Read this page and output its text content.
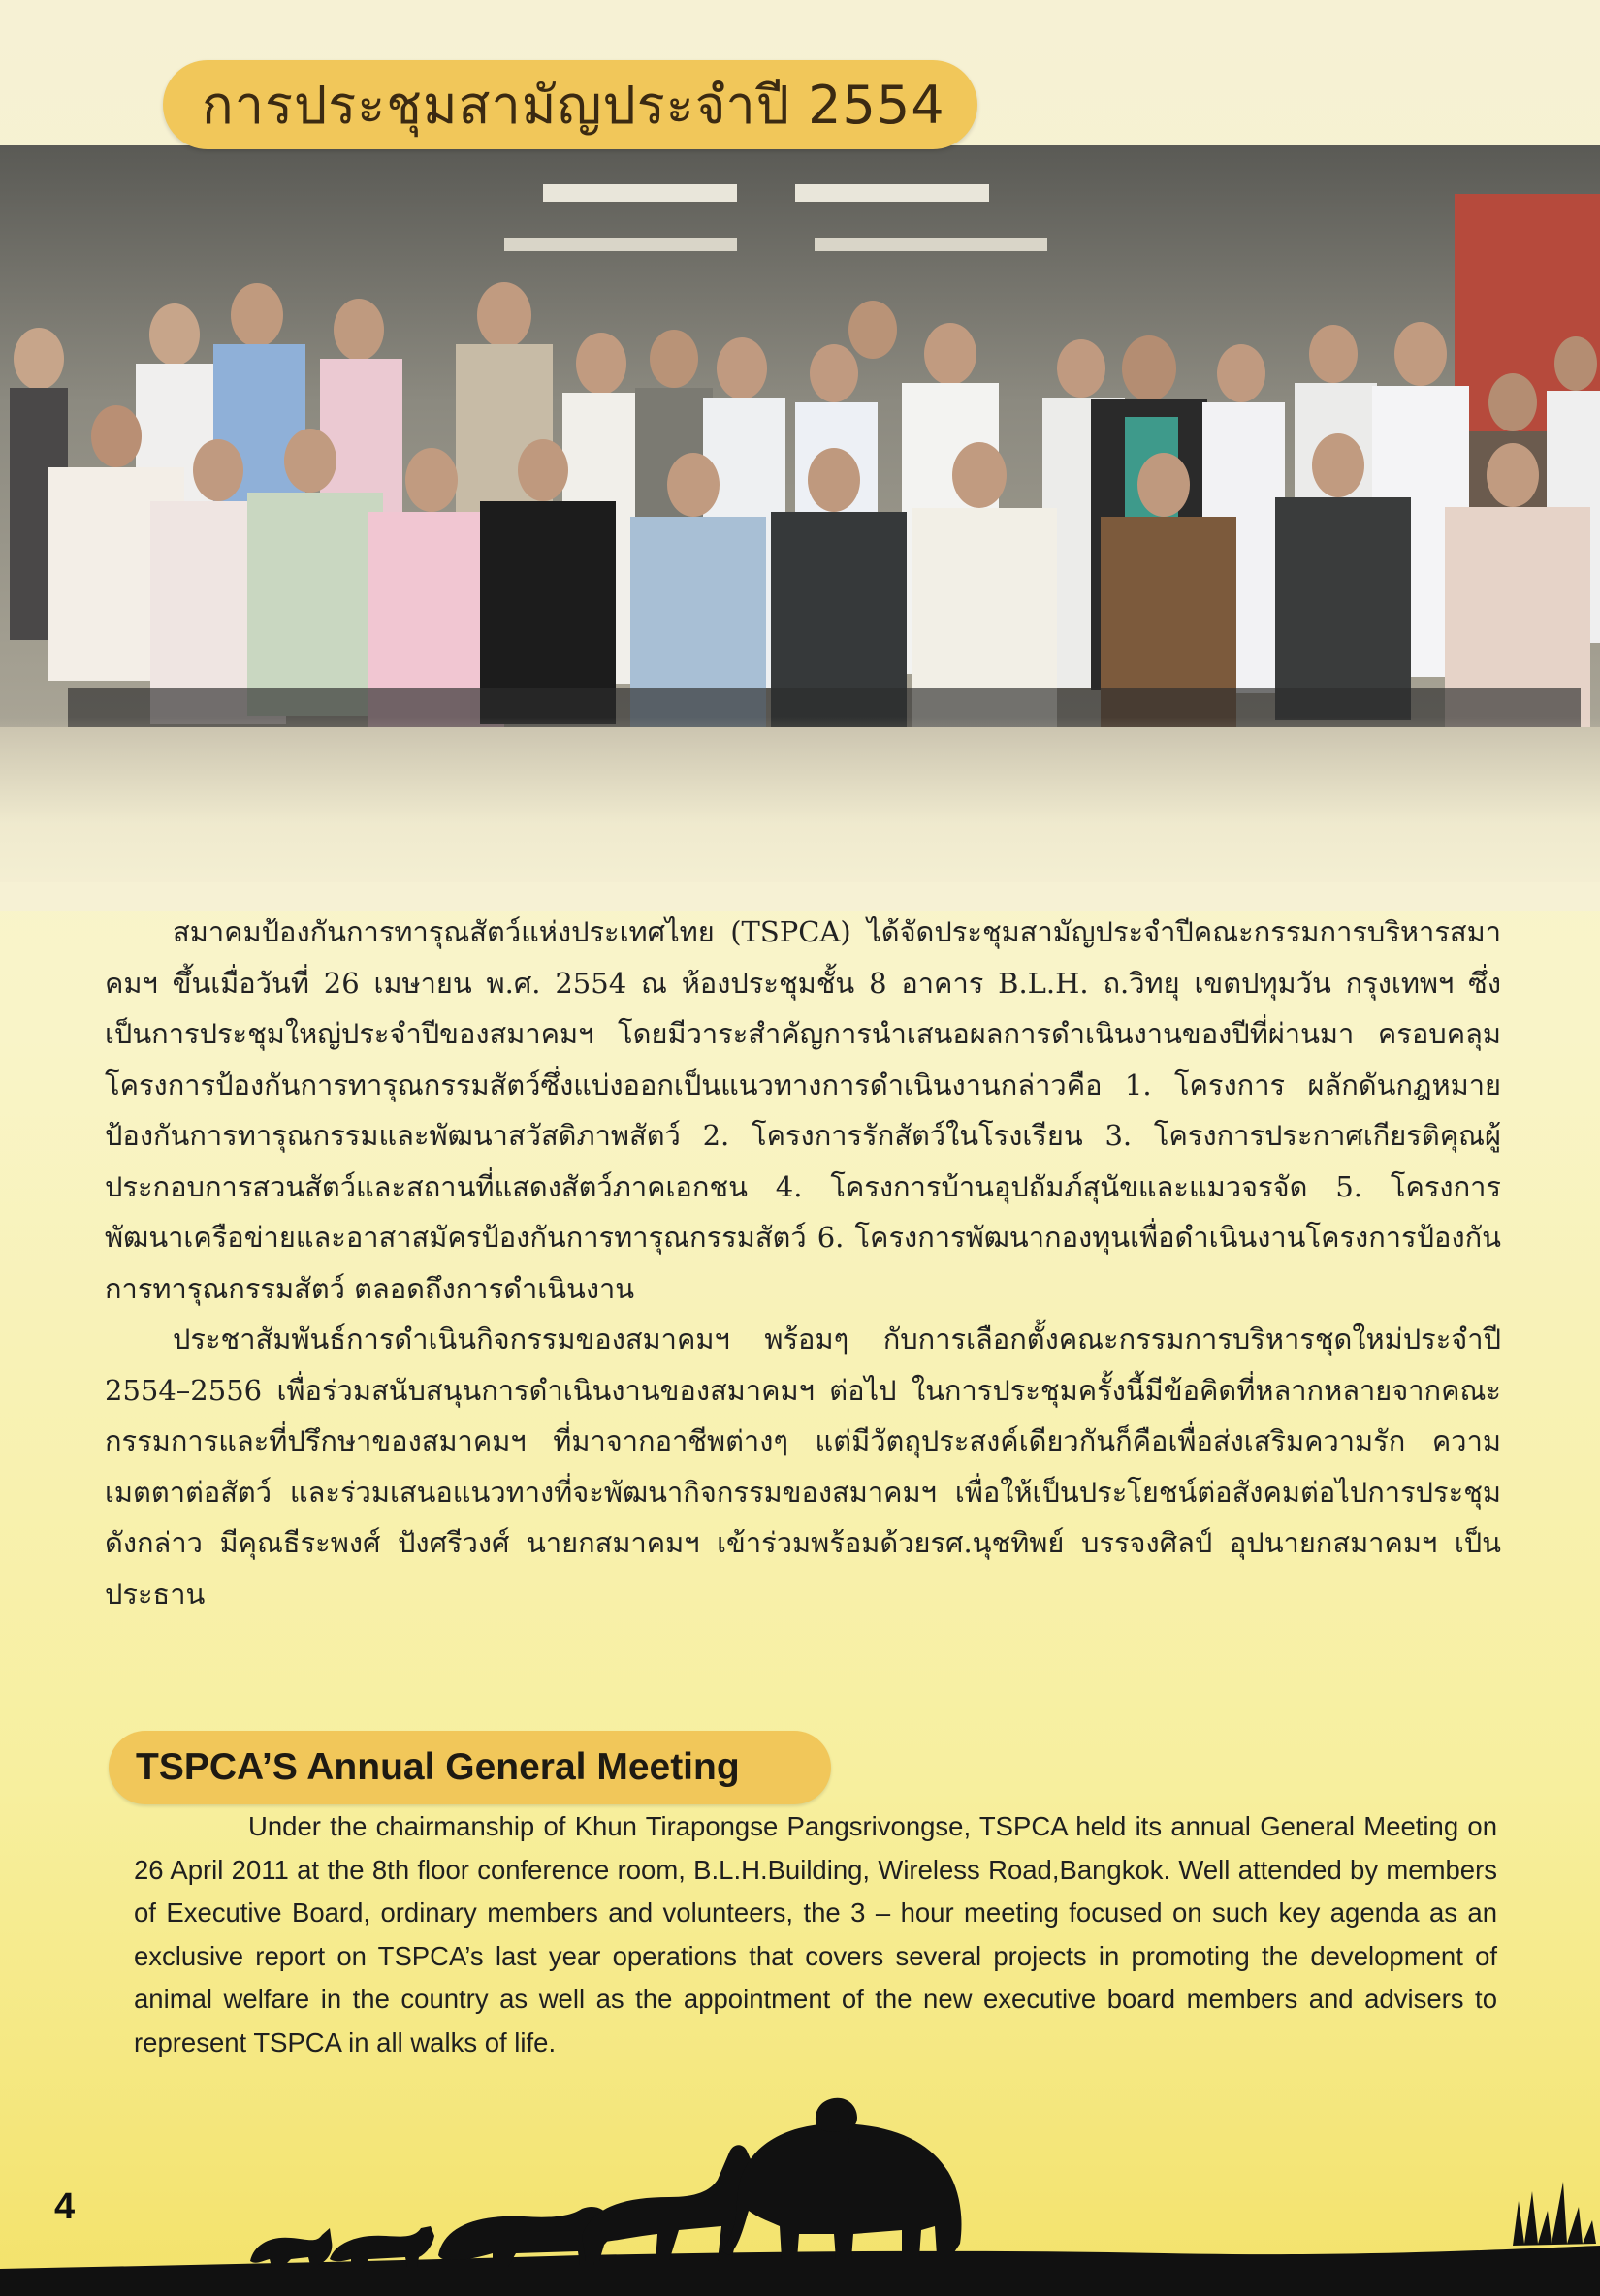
การประชุมสามัญประจำปี 2554

สมาคมป้องกันการทารุณสัตว์แห่งประเทศไทย (TSPCA) ได้จัดประชุมสามัญประจำปีคณะกรรมการบริหารสมาคมฯ ขึ้นเมื่อวันที่ 26 เมษายน พ.ศ. 2554 ณ ห้องประชุมชั้น 8 อาคาร B.L.H. ถ.วิทยุ เขตปทุมวัน กรุงเทพฯ ซึ่งเป็นการประชุมใหญ่ประจำปีของสมาคมฯ โดยมีวาระสำคัญการนำเสนอผลการดำเนินงานของปีที่ผ่านมา ครอบคลุมโครงการป้องกันการทารุณกรรมสัตว์ซึ่งแบ่งออกเป็นแนวทางการดำเนินงานกล่าวคือ 1. โครงการ ผลักดันกฎหมายป้องกันการทารุณกรรมและพัฒนาสวัสดิภาพสัตว์ 2. โครงการรักสัตว์ในโรงเรียน 3. โครงการประกาศเกียรติคุณผู้ประกอบการสวนสัตว์และสถานที่แสดงสัตว์ภาคเอกชน 4. โครงการบ้านอุปถัมภ์สุนัขและแมวจรจัด 5. โครงการพัฒนาเครือข่ายและอาสาสมัครป้องกันการทารุณกรรมสัตว์ 6. โครงการพัฒนากองทุนเพื่อดำเนินงานโครงการป้องกันการทารุณกรรมสัตว์ ตลอดถึงการดำเนินงาน

ประชาสัมพันธ์การดำเนินกิจกรรมของสมาคมฯ พร้อมๆ กับการเลือกตั้งคณะกรรมการบริหารชุดใหม่ประจำปี 2554–2556 เพื่อร่วมสนับสนุนการดำเนินงานของสมาคมฯ ต่อไป ในการประชุมครั้งนี้มีข้อคิดที่หลากหลายจากคณะกรรมการและที่ปรึกษาของสมาคมฯ ที่มาจากอาชีพต่างๆ แต่มีวัตถุประสงค์เดียวกันก็คือเพื่อส่งเสริมความรัก ความเมตตาต่อสัตว์ และร่วมเสนอแนวทางที่จะพัฒนากิจกรรมของสมาคมฯ เพื่อให้เป็นประโยชน์ต่อสังคมต่อไปการประชุมดังกล่าว มีคุณธีระพงศ์ ปังศรีวงศ์ นายกสมาคมฯ เข้าร่วมพร้อมด้วยรศ.นุชทิพย์ บรรจงศิลป์ อุปนายกสมาคมฯ เป็นประธาน

TSPCA’S Annual General Meeting

Under the chairmanship of Khun Tirapongse Pangsrivongse, TSPCA held its annual General Meeting on 26 April 2011 at the 8th floor conference room, B.L.H.Building, Wireless Road,Bangkok. Well attended by members of Executive Board, ordinary members and volunteers, the 3 – hour meeting focused on such key agenda as an exclusive report on TSPCA’s last year operations that covers several projects in promoting the development of animal welfare in the country as well as the appointment of the new executive board members and advisers to represent TSPCA in all walks of life.

4
